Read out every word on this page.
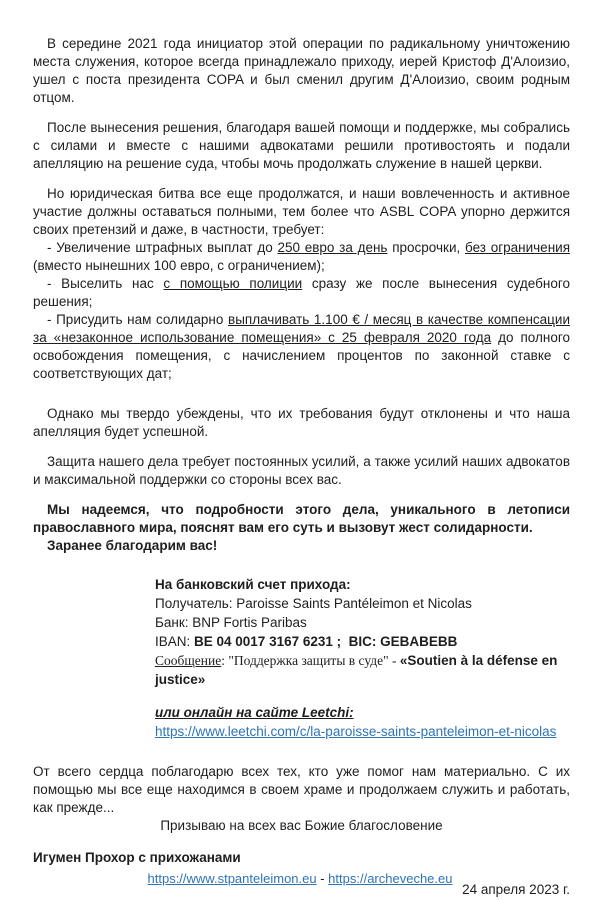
В середине 2021 года инициатор этой операции по радикальному уничтожению места служения, которое всегда принадлежало приходу, иерей Кристоф Д'Алоизио, ушел с поста президента COPA и был сменил другим Д'Алоизио, своим родным отцом.

После вынесения решения, благодаря вашей помощи и поддержке, мы собрались с силами и вместе с нашими адвокатами решили противостоять и подали апелляцию на решение суда, чтобы мочь продолжать служение в нашей церкви.

Но юридическая битва все еще продолжатся, и наши вовлеченность и активное участие должны оставаться полными, тем более что ASBL COPA упорно держится своих претензий и даже, в частности, требует:

- Увеличение штрафных выплат до 250 евро за день просрочки, без ограничения (вместо нынешних 100 евро, с ограничением);

- Выселить нас с помощью полиции сразу же после вынесения судебного решения;

- Присудить нам солидарно выплачивать 1.100 € / месяц в качестве компенсации за «незаконное использование помещения» с 25 февраля 2020 года до полного освобождения помещения, с начислением процентов по законной ставке с соответствующих дат;

Однако мы твердо убеждены, что их требования будут отклонены и что наша апелляция будет успешной.

Защита нашего дела требует постоянных усилий, а также усилий наших адвокатов и максимальной поддержки со стороны всех вас.

Мы надеемся, что подробности этого дела, уникального в летописи православного мира, пояснят вам его суть и вызовут жест солидарности.

Заранее благодарим вас!

На банковский счет прихода:

Получатель: Paroisse Saints Pantéleimon et Nicolas

Банк: BNP Fortis Paribas

IBAN: BE 04 0017 3167 6231 ;  BIC: GEBABEBB

Сообщение: "Поддержка защиты в суде" - «Soutien à la défense en justice»

или онлайн на сайте Leetchi:

https://www.leetchi.com/c/la-paroisse-saints-panteleimon-et-nicolas

От всего сердца поблагодарю всех тех, кто уже помог нам материально. С их помощью мы все еще находимся в своем храме и продолжаем служить и работать, как прежде...

Призываю на всех вас Божие благословение

Игумен Прохор с прихожанами

24 апреля 2023 г.

https://www.stpanteleimon.eu - https://archeveche.eu
